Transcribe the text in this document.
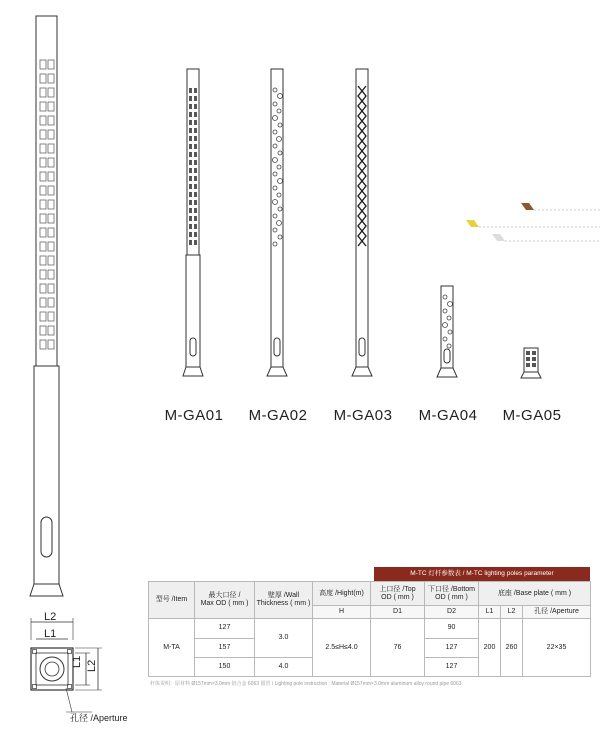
L2
L1
L1 L2
孔径 /Aperture
M-GA01	M-GA02	M-GA03	M-GA04	M-GA05
M-TC 灯杆参数表 / M-TC lighting poles parameter
型号 /Item	最大口径 /
Max OD ( mm )	壁厚 /Wall
Thickness ( mm )	高度 /Hight(m)	上口径 /Top
OD ( mm )	下口径 /Bottom
OD ( mm )	底座 /Base plate ( mm )		
			H	D1	D2	L1	L2	孔径 /Aperture
M-TA	127	3.0	2.5≤H≤4.0	76	90	200	260	22×35
	157				127			
	150	4.0			127			
杆体说明：原材料 Ø157mm×3.0mm 铝合金 6063 圆管 / Lighting pole instruction : Material Ø157mm×3.0mm aluminum alloy round pipe 6063
